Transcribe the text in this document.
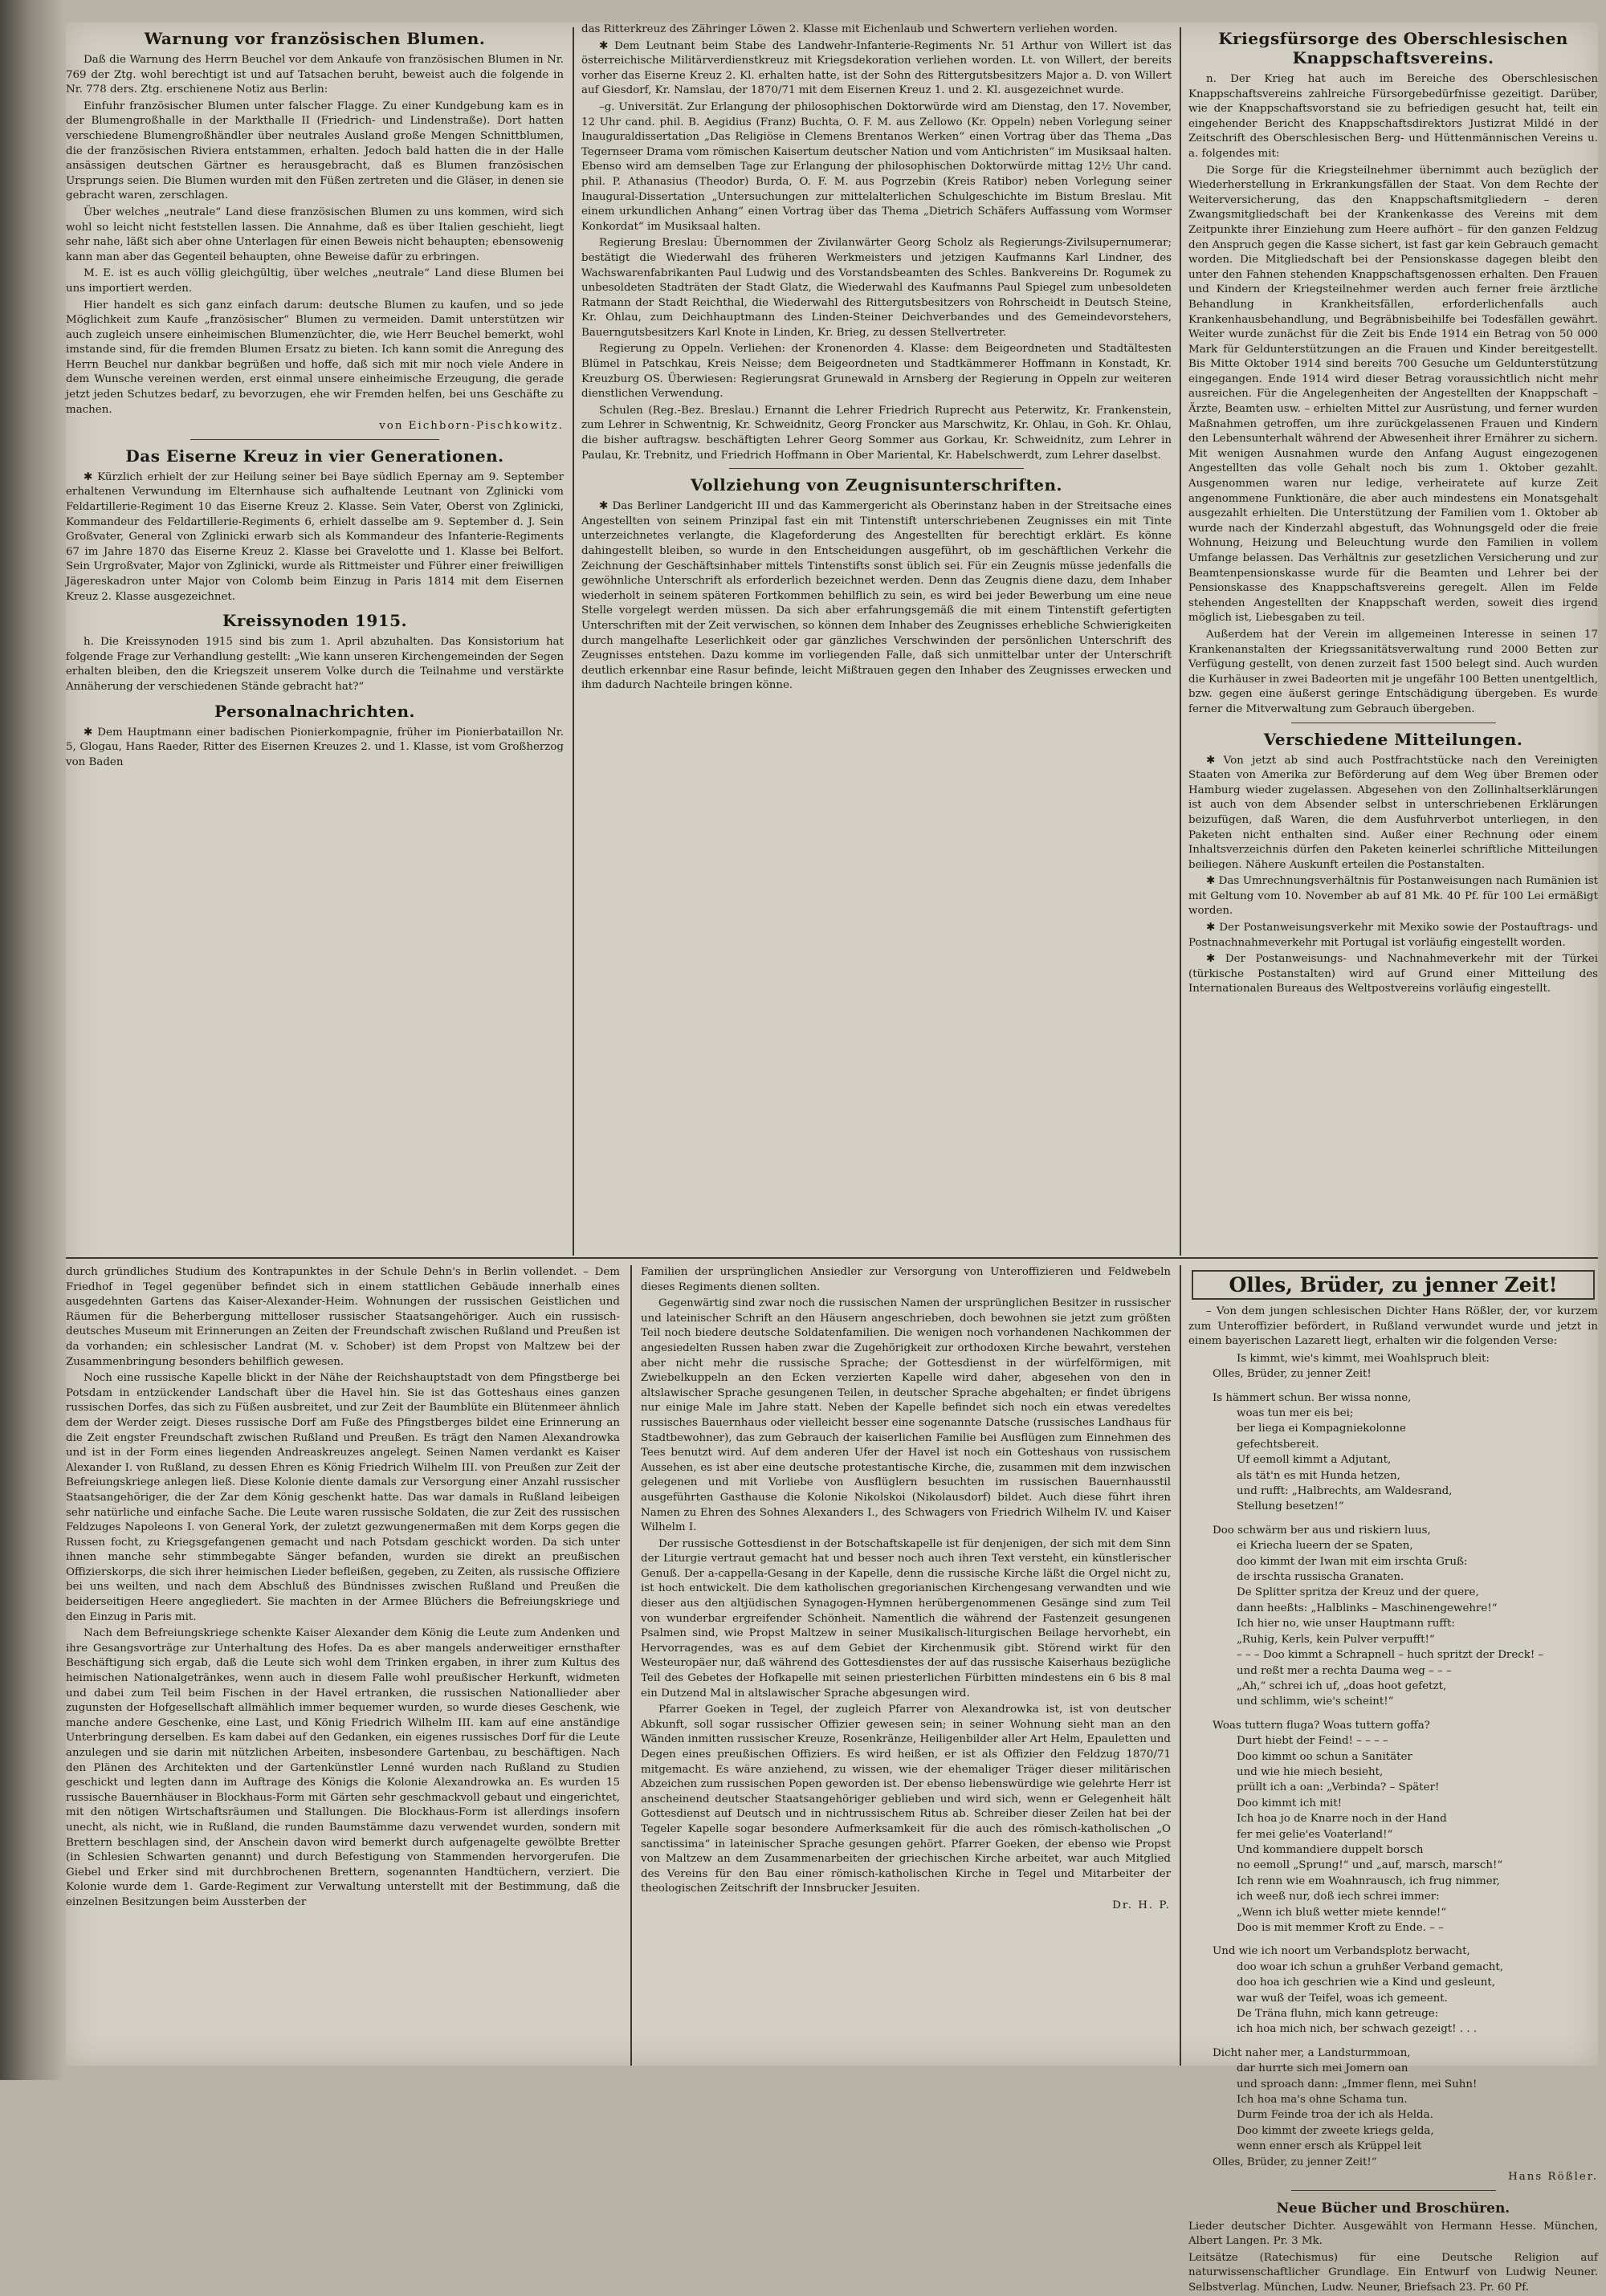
Warnung vor französischen Blumen.

Daß die Warnung des Herrn Beuchel vor dem Ankaufe von französischen Blumen in Nr. 769 der Ztg. wohl berechtigt ist und auf Tatsachen beruht, beweist auch die folgende in Nr. 778 ders. Ztg. erschienene Notiz aus Berlin:

Einfuhr französischer Blumen unter falscher Flagge. Zu einer Kundgebung kam es in der Blumengroßhalle in der Markthalle II (Friedrich- und Lindenstraße). Dort hatten verschiedene Blumengroßhändler über neutrales Ausland große Mengen Schnittblumen, die der französischen Riviera entstammen, erhalten. Jedoch bald hatten die in der Halle ansässigen deutschen Gärtner es herausgebracht, daß es Blumen französischen Ursprungs seien. Die Blumen wurden mit den Füßen zertreten und die Gläser, in denen sie gebracht waren, zerschlagen.

Über welches „neutrale“ Land diese französischen Blumen zu uns kommen, wird sich wohl so leicht nicht feststellen lassen. Die Annahme, daß es über Italien geschieht, liegt sehr nahe, läßt sich aber ohne Unterlagen für einen Beweis nicht behaupten; ebensowenig kann man aber das Gegenteil behaupten, ohne Beweise dafür zu erbringen.

M. E. ist es auch völlig gleichgültig, über welches „neutrale“ Land diese Blumen bei uns importiert werden.

Hier handelt es sich ganz einfach darum: deutsche Blumen zu kaufen, und so jede Möglichkeit zum Kaufe „französischer“ Blumen zu vermeiden. Damit unterstützen wir auch zugleich unsere einheimischen Blumenzüchter, die, wie Herr Beuchel bemerkt, wohl imstande sind, für die fremden Blumen Ersatz zu bieten. Ich kann somit die Anregung des Herrn Beuchel nur dankbar begrüßen und hoffe, daß sich mit mir noch viele Andere in dem Wunsche vereinen werden, erst einmal unsere einheimische Erzeugung, die gerade jetzt jeden Schutzes bedarf, zu bevorzugen, ehe wir Fremden helfen, bei uns Geschäfte zu machen.

von Eichborn-Pischkowitz.

Das Eiserne Kreuz in vier Generationen.

✱ Kürzlich erhielt der zur Heilung seiner bei Baye südlich Epernay am 9. September erhaltenen Verwundung im Elternhause sich aufhaltende Leutnant von Zglinicki vom Feldartillerie-Regiment 10 das Eiserne Kreuz 2. Klasse. Sein Vater, Oberst von Zglinicki, Kommandeur des Feldartillerie-Regiments 6, erhielt dasselbe am 9. September d. J. Sein Großvater, General von Zglinicki erwarb sich als Kommandeur des Infanterie-Regiments 67 im Jahre 1870 das Eiserne Kreuz 2. Klasse bei Gravelotte und 1. Klasse bei Belfort. Sein Urgroßvater, Major von Zglinicki, wurde als Rittmeister und Führer einer freiwilligen Jägereskadron unter Major von Colomb beim Einzug in Paris 1814 mit dem Eisernen Kreuz 2. Klasse ausgezeichnet.

Kreissynoden 1915.

h. Die Kreissynoden 1915 sind bis zum 1. April abzuhalten. Das Konsistorium hat folgende Frage zur Verhandlung gestellt: „Wie kann unseren Kirchengemeinden der Segen erhalten bleiben, den die Kriegszeit unserem Volke durch die Teilnahme und verstärkte Annäherung der verschiedenen Stände gebracht hat?“

Personalnachrichten.

✱ Dem Hauptmann einer badischen Pionierkompagnie, früher im Pionierbataillon Nr. 5, Glogau, Hans Raeder, Ritter des Eisernen Kreuzes 2. und 1. Klasse, ist vom Großherzog von Baden

das Ritterkreuz des Zähringer Löwen 2. Klasse mit Eichenlaub und Schwertern verliehen worden.

✱ Dem Leutnant beim Stabe des Landwehr-Infanterie-Regiments Nr. 51 Arthur von Willert ist das österreichische Militärverdienstkreuz mit Kriegsdekoration verliehen worden. Lt. von Willert, der bereits vorher das Eiserne Kreuz 2. Kl. erhalten hatte, ist der Sohn des Rittergutsbesitzers Major a. D. von Willert auf Giesdorf, Kr. Namslau, der 1870/71 mit dem Eisernen Kreuz 1. und 2. Kl. ausgezeichnet wurde.

–g. Universität. Zur Erlangung der philosophischen Doktorwürde wird am Dienstag, den 17. November, 12 Uhr cand. phil. B. Aegidius (Franz) Buchta, O. F. M. aus Zellowo (Kr. Oppeln) neben Vorlegung seiner Inauguraldissertation „Das Religiöse in Clemens Brentanos Werken“ einen Vortrag über das Thema „Das Tegernseer Drama vom römischen Kaisertum deutscher Nation und vom Antichristen“ im Musiksaal halten. Ebenso wird am demselben Tage zur Erlangung der philosophischen Doktorwürde mittag 12½ Uhr cand. phil. P. Athanasius (Theodor) Burda, O. F. M. aus Pogrzebin (Kreis Ratibor) neben Vorlegung seiner Inaugural-Dissertation „Untersuchungen zur mittelalterlichen Schulgeschichte im Bistum Breslau. Mit einem urkundlichen Anhang“ einen Vortrag über das Thema „Dietrich Schäfers Auffassung vom Wormser Konkordat“ im Musiksaal halten.

Regierung Breslau: Übernommen der Zivilanwärter Georg Scholz als Regierungs-Zivilsupernumerar; bestätigt die Wiederwahl des früheren Werkmeisters und jetzigen Kaufmanns Karl Lindner, des Wachswarenfabrikanten Paul Ludwig und des Vorstandsbeamten des Schles. Bankvereins Dr. Rogumek zu unbesoldeten Stadträten der Stadt Glatz, die Wiederwahl des Kaufmanns Paul Spiegel zum unbesoldeten Ratmann der Stadt Reichthal, die Wiederwahl des Rittergutsbesitzers von Rohrscheidt in Deutsch Steine, Kr. Ohlau, zum Deichhauptmann des Linden-Steiner Deichverbandes und des Gemeindevorstehers, Bauerngutsbesitzers Karl Knote in Linden, Kr. Brieg, zu dessen Stellvertreter.

Regierung zu Oppeln. Verliehen: der Kronenorden 4. Klasse: dem Beigeordneten und Stadtältesten Blümel in Patschkau, Kreis Neisse; dem Beigeordneten und Stadtkämmerer Hoffmann in Konstadt, Kr. Kreuzburg OS. Überwiesen: Regierungsrat Grunewald in Arnsberg der Regierung in Oppeln zur weiteren dienstlichen Verwendung.

Schulen (Reg.-Bez. Breslau.) Ernannt die Lehrer Friedrich Ruprecht aus Peterwitz, Kr. Frankenstein, zum Lehrer in Schwentnig, Kr. Schweidnitz, Georg Froncker aus Marschwitz, Kr. Ohlau, in Goh. Kr. Ohlau, die bisher auftragsw. beschäftigten Lehrer Georg Sommer aus Gorkau, Kr. Schweidnitz, zum Lehrer in Paulau, Kr. Trebnitz, und Friedrich Hoffmann in Ober Mariental, Kr. Habelschwerdt, zum Lehrer daselbst.

Vollziehung von Zeugnisunterschriften.

✱ Das Berliner Landgericht III und das Kammergericht als Oberinstanz haben in der Streitsache eines Angestellten von seinem Prinzipal fast ein mit Tintenstift unterschriebenen Zeugnisses ein mit Tinte unterzeichnetes verlangte, die Klageforderung des Angestellten für berechtigt erklärt. Es könne dahingestellt bleiben, so wurde in den Entscheidungen ausgeführt, ob im geschäftlichen Verkehr die Zeichnung der Geschäftsinhaber mittels Tintenstifts sonst üblich sei. Für ein Zeugnis müsse jedenfalls die gewöhnliche Unterschrift als erforderlich bezeichnet werden. Denn das Zeugnis diene dazu, dem Inhaber wiederholt in seinem späteren Fortkommen behilflich zu sein, es wird bei jeder Bewerbung um eine neue Stelle vorgelegt werden müssen. Da sich aber erfahrungsgemäß die mit einem Tintenstift gefertigten Unterschriften mit der Zeit verwischen, so können dem Inhaber des Zeugnisses erhebliche Schwierigkeiten durch mangelhafte Leserlichkeit oder gar gänzliches Verschwinden der persönlichen Unterschrift des Zeugnisses entstehen. Dazu komme im vorliegenden Falle, daß sich unmittelbar unter der Unterschrift deutlich erkennbar eine Rasur befinde, leicht Mißtrauen gegen den Inhaber des Zeugnisses erwecken und ihm dadurch Nachteile bringen könne.

Kriegsfürsorge des Oberschlesischen Knappschaftsvereins.

n. Der Krieg hat auch im Bereiche des Oberschlesischen Knappschaftsvereins zahlreiche Fürsorgebedürfnisse gezeitigt. Darüber, wie der Knappschaftsvorstand sie zu befriedigen gesucht hat, teilt ein eingehender Bericht des Knappschaftsdirektors Justizrat Mildé in der Zeitschrift des Oberschlesischen Berg- und Hüttenmännischen Vereins u. a. folgendes mit:

Die Sorge für die Kriegsteilnehmer übernimmt auch bezüglich der Wiederherstellung in Erkrankungsfällen der Staat. Von dem Rechte der Weiterversicherung, das den Knappschaftsmitgliedern – deren Zwangsmitgliedschaft bei der Krankenkasse des Vereins mit dem Zeitpunkte ihrer Einziehung zum Heere aufhört – für den ganzen Feldzug den Anspruch gegen die Kasse sichert, ist fast gar kein Gebrauch gemacht worden. Die Mitgliedschaft bei der Pensionskasse dagegen bleibt den unter den Fahnen stehenden Knappschaftsgenossen erhalten. Den Frauen und Kindern der Kriegsteilnehmer werden auch ferner freie ärztliche Behandlung in Krankheitsfällen, erforderlichenfalls auch Krankenhausbehandlung, und Begräbnisbeihilfe bei Todesfällen gewährt. Weiter wurde zunächst für die Zeit bis Ende 1914 ein Betrag von 50 000 Mark für Geldunterstützungen an die Frauen und Kinder bereitgestellt. Bis Mitte Oktober 1914 sind bereits 700 Gesuche um Geldunterstützung eingegangen. Ende 1914 wird dieser Betrag voraussichtlich nicht mehr ausreichen. Für die Angelegenheiten der Angestellten der Knappschaft – Ärzte, Beamten usw. – erhielten Mittel zur Ausrüstung, und ferner wurden Maßnahmen getroffen, um ihre zurückgelassenen Frauen und Kindern den Lebensunterhalt während der Abwesenheit ihrer Ernährer zu sichern. Mit wenigen Ausnahmen wurde den Anfang August eingezogenen Angestellten das volle Gehalt noch bis zum 1. Oktober gezahlt. Ausgenommen waren nur ledige, verheiratete auf kurze Zeit angenommene Funktionäre, die aber auch mindestens ein Monatsgehalt ausgezahlt erhielten. Die Unterstützung der Familien vom 1. Oktober ab wurde nach der Kinderzahl abgestuft, das Wohnungsgeld oder die freie Wohnung, Heizung und Beleuchtung wurde den Familien in vollem Umfange belassen. Das Verhältnis zur gesetzlichen Versicherung und zur Beamtenpensionskasse wurde für die Beamten und Lehrer bei der Pensionskasse des Knappschaftsvereins geregelt. Allen im Felde stehenden Angestellten der Knappschaft werden, soweit dies irgend möglich ist, Liebesgaben zu teil.

Außerdem hat der Verein im allgemeinen Interesse in seinen 17 Krankenanstalten der Kriegssanitätsverwaltung rund 2000 Betten zur Verfügung gestellt, von denen zurzeit fast 1500 belegt sind. Auch wurden die Kurhäuser in zwei Badeorten mit je ungefähr 100 Betten unentgeltlich, bzw. gegen eine äußerst geringe Entschädigung übergeben. Es wurde ferner die Mitverwaltung zum Gebrauch übergeben.

Verschiedene Mitteilungen.

✱ Von jetzt ab sind auch Postfrachtstücke nach den Vereinigten Staaten von Amerika zur Beförderung auf dem Weg über Bremen oder Hamburg wieder zugelassen. Abgesehen von den Zollinhaltserklärungen ist auch von dem Absender selbst in unterschriebenen Erklärungen beizufügen, daß Waren, die dem Ausfuhrverbot unterliegen, in den Paketen nicht enthalten sind. Außer einer Rechnung oder einem Inhaltsverzeichnis dürfen den Paketen keinerlei schriftliche Mitteilungen beiliegen. Nähere Auskunft erteilen die Postanstalten.

✱ Das Umrechnungsverhältnis für Postanweisungen nach Rumänien ist mit Geltung vom 10. November ab auf 81 Mk. 40 Pf. für 100 Lei ermäßigt worden.

✱ Der Postanweisungsverkehr mit Mexiko sowie der Postauftrags- und Postnachnahmeverkehr mit Portugal ist vorläufig eingestellt worden.

✱ Der Postanweisungs- und Nachnahmeverkehr mit der Türkei (türkische Postanstalten) wird auf Grund einer Mitteilung des Internationalen Bureaus des Weltpostvereins vorläufig eingestellt.

durch gründliches Studium des Kontrapunktes in der Schule Dehn's in Berlin vollendet. – Dem Friedhof in Tegel gegenüber befindet sich in einem stattlichen Gebäude innerhalb eines ausgedehnten Gartens das Kaiser-Alexander-Heim. Wohnungen der russischen Geistlichen und Räumen für die Beherbergung mittelloser russischer Staatsangehöriger. Auch ein russisch-deutsches Museum mit Erinnerungen an Zeiten der Freundschaft zwischen Rußland und Preußen ist da vorhanden; ein schlesischer Landrat (M. v. Schober) ist dem Propst von Maltzew bei der Zusammenbringung besonders behilflich gewesen.

Noch eine russische Kapelle blickt in der Nähe der Reichshauptstadt von dem Pfingstberge bei Potsdam in entzückender Landschaft über die Havel hin. Sie ist das Gotteshaus eines ganzen russischen Dorfes, das sich zu Füßen ausbreitet, und zur Zeit der Baumblüte ein Blütenmeer ähnlich dem der Werder zeigt. Dieses russische Dorf am Fuße des Pfingstberges bildet eine Erinnerung an die Zeit engster Freundschaft zwischen Rußland und Preußen. Es trägt den Namen Alexandrowka und ist in der Form eines liegenden Andreaskreuzes angelegt. Seinen Namen verdankt es Kaiser Alexander I. von Rußland, zu dessen Ehren es König Friedrich Wilhelm III. von Preußen zur Zeit der Befreiungskriege anlegen ließ. Diese Kolonie diente damals zur Versorgung einer Anzahl russischer Staatsangehöriger, die der Zar dem König geschenkt hatte. Das war damals in Rußland leibeigen sehr natürliche und einfache Sache. Die Leute waren russische Soldaten, die zur Zeit des russischen Feldzuges Napoleons I. von General York, der zuletzt gezwungenermaßen mit dem Korps gegen die Russen focht, zu Kriegsgefangenen gemacht und nach Potsdam geschickt worden. Da sich unter ihnen manche sehr stimmbegabte Sänger befanden, wurden sie direkt an preußischen Offizierskorps, die sich ihrer heimischen Lieder befleißen, gegeben, zu Zeiten, als russische Offiziere bei uns weilten, und nach dem Abschluß des Bündnisses zwischen Rußland und Preußen die beiderseitigen Heere angegliedert. Sie machten in der Armee Blüchers die Befreiungskriege und den Einzug in Paris mit.

Nach dem Befreiungskriege schenkte Kaiser Alexander dem König die Leute zum Andenken und ihre Gesangsvorträge zur Unterhaltung des Hofes. Da es aber mangels anderweitiger ernsthafter Beschäftigung sich ergab, daß die Leute sich wohl dem Trinken ergaben, in ihrer zum Kultus des heimischen Nationalgetränkes, wenn auch in diesem Falle wohl preußischer Herkunft, widmeten und dabei zum Teil beim Fischen in der Havel ertranken, die russischen Nationallieder aber zugunsten der Hofgesellschaft allmählich immer bequemer wurden, so wurde dieses Geschenk, wie manche andere Geschenke, eine Last, und König Friedrich Wilhelm III. kam auf eine anständige Unterbringung derselben. Es kam dabei auf den Gedanken, ein eigenes russisches Dorf für die Leute anzulegen und sie darin mit nützlichen Arbeiten, insbesondere Gartenbau, zu beschäftigen. Nach den Plänen des Architekten und der Gartenkünstler Lenné wurden nach Rußland zu Studien geschickt und legten dann im Auftrage des Königs die Kolonie Alexandrowka an. Es wurden 15 russische Bauernhäuser in Blockhaus-Form mit Gärten sehr geschmackvoll gebaut und eingerichtet, mit den nötigen Wirtschaftsräumen und Stallungen. Die Blockhaus-Form ist allerdings insofern unecht, als nicht, wie in Rußland, die runden Baumstämme dazu verwendet wurden, sondern mit Brettern beschlagen sind, der Anschein davon wird bemerkt durch aufgenagelte gewölbte Bretter (in Schlesien Schwarten genannt) und durch Befestigung von Stammenden hervorgerufen. Die Giebel und Erker sind mit durchbrochenen Brettern, sogenannten Handtüchern, verziert. Die Kolonie wurde dem 1. Garde-Regiment zur Verwaltung unterstellt mit der Bestimmung, daß die einzelnen Besitzungen beim Aussterben der

Familien der ursprünglichen Ansiedler zur Versorgung von Unteroffizieren und Feldwebeln dieses Regiments dienen sollten.

Gegenwärtig sind zwar noch die russischen Namen der ursprünglichen Besitzer in russischer und lateinischer Schrift an den Häusern angeschrieben, doch bewohnen sie jetzt zum größten Teil noch biedere deutsche Soldatenfamilien. Die wenigen noch vorhandenen Nachkommen der angesiedelten Russen haben zwar die Zugehörigkeit zur orthodoxen Kirche bewahrt, verstehen aber nicht mehr die russische Sprache; der Gottesdienst in der würfelförmigen, mit Zwiebelkuppeln an den Ecken verzierten Kapelle wird daher, abgesehen von den in altslawischer Sprache gesungenen Teilen, in deutscher Sprache abgehalten; er findet übrigens nur einige Male im Jahre statt. Neben der Kapelle befindet sich noch ein etwas veredeltes russisches Bauernhaus oder vielleicht besser eine sogenannte Datsche (russisches Landhaus für Stadtbewohner), das zum Gebrauch der kaiserlichen Familie bei Ausflügen zum Einnehmen des Tees benutzt wird. Auf dem anderen Ufer der Havel ist noch ein Gotteshaus von russischem Aussehen, es ist aber eine deutsche protestantische Kirche, die, zusammen mit dem inzwischen gelegenen und mit Vorliebe von Ausflüglern besuchten im russischen Bauernhausstil ausgeführten Gasthause die Kolonie Nikolskoi (Nikolausdorf) bildet. Auch diese führt ihren Namen zu Ehren des Sohnes Alexanders I., des Schwagers von Friedrich Wilhelm IV. und Kaiser Wilhelm I.

Der russische Gottesdienst in der Botschaftskapelle ist für denjenigen, der sich mit dem Sinn der Liturgie vertraut gemacht hat und besser noch auch ihren Text versteht, ein künstlerischer Genuß. Der a-cappella-Gesang in der Kapelle, denn die russische Kirche läßt die Orgel nicht zu, ist hoch entwickelt. Die dem katholischen gregorianischen Kirchengesang verwandten und wie dieser aus den altjüdischen Synagogen-Hymnen herübergenommenen Gesänge sind zum Teil von wunderbar ergreifender Schönheit. Namentlich die während der Fastenzeit gesungenen Psalmen sind, wie Propst Maltzew in seiner Musikalisch-liturgischen Beilage hervorhebt, ein Hervorragendes, was es auf dem Gebiet der Kirchenmusik gibt. Störend wirkt für den Westeuropäer nur, daß während des Gottesdienstes der auf das russische Kaiserhaus bezügliche Teil des Gebetes der Hofkapelle mit seinen priesterlichen Fürbitten mindestens ein 6 bis 8 mal ein Dutzend Mal in altslawischer Sprache abgesungen wird.

Pfarrer Goeken in Tegel, der zugleich Pfarrer von Alexandrowka ist, ist von deutscher Abkunft, soll sogar russischer Offizier gewesen sein; in seiner Wohnung sieht man an den Wänden inmitten russischer Kreuze, Rosenkränze, Heiligenbilder aller Art Helm, Epauletten und Degen eines preußischen Offiziers. Es wird heißen, er ist als Offizier den Feldzug 1870/71 mitgemacht. Es wäre anziehend, zu wissen, wie der ehemaliger Träger dieser militärischen Abzeichen zum russischen Popen geworden ist. Der ebenso liebenswürdige wie gelehrte Herr ist anscheinend deutscher Staatsangehöriger geblieben und wird sich, wenn er Gelegenheit hält Gottesdienst auf Deutsch und in nichtrussischem Ritus ab. Schreiber dieser Zeilen hat bei der Tegeler Kapelle sogar besondere Aufmerksamkeit für die auch des römisch-katholischen „O sanctissima“ in lateinischer Sprache gesungen gehört. Pfarrer Goeken, der ebenso wie Propst von Maltzew an dem Zusammenarbeiten der griechischen Kirche arbeitet, war auch Mitglied des Vereins für den Bau einer römisch-katholischen Kirche in Tegel und Mitarbeiter der theologischen Zeitschrift der Innsbrucker Jesuiten.

Dr. H. P.

Olles, Brüder, zu jenner Zeit!

– Von dem jungen schlesischen Dichter Hans Rößler, der, vor kurzem zum Unteroffizier befördert, in Rußland verwundet wurde und jetzt in einem bayerischen Lazarett liegt, erhalten wir die folgenden Verse:

Is kimmt, wie's kimmt, mei Woahlspruch bleit:

Olles, Brüder, zu jenner Zeit!

Is hämmert schun. Ber wissa nonne,

woas tun mer eis bei;

ber liega ei Kompagniekolonne

gefechtsbereit.

Uf eemoll kimmt a Adjutant,

als tät'n es mit Hunda hetzen,

und rufft: „Halbrechts, am Waldesrand,

Stellung besetzen!“

Doo schwärm ber aus und riskiern luus,

ei Kriecha lueern der se Spaten,

doo kimmt der Iwan mit eim irschta Gruß:

de irschta russischa Granaten.

De Splitter spritza der Kreuz und der quere,

dann heeßts: „Halblinks – Maschinengewehre!“

Ich hier no, wie unser Hauptmann rufft:

„Ruhig, Kerls, kein Pulver verpufft!“

– – – Doo kimmt a Schrapnell – huch spritzt der Dreck! –

und reßt mer a rechta Dauma weg – – –

„Ah,“ schrei ich uf, „doas hoot gefetzt,

und schlimm, wie's scheint!“

Woas tuttern fluga? Woas tuttern goffa?

Durt hiebt der Feind! – – – –

Doo kimmt oo schun a Sanitäter

und wie hie miech besieht,

prüllt ich a oan: „Verbinda? – Später!

Doo kimmt ich mit!

Ich hoa jo de Knarre noch in der Hand

fer mei gelie'es Voaterland!“

Und kommandiere duppelt borsch

no eemoll „Sprung!“ und „auf, marsch, marsch!“

Ich renn wie em Woahnrausch, ich frug nimmer,

ich weeß nur, doß iech schrei immer:

„Wenn ich bluß wetter miete kennde!“

Doo is mit memmer Kroft zu Ende. – –

Und wie ich noort um Verbandsplotz berwacht,

doo woar ich schun a gruhßer Verband gemacht,

doo hoa ich geschrien wie a Kind und gesleunt,

war wuß der Teifel, woas ich gemeent.

De Träna fluhn, mich kann getreuge:

ich hoa mich nich, ber schwach gezeigt! . . .

Dicht naher mer, a Landsturmmoan,

dar hurrte sich mei Jomern oan

und sproach dann: „Immer flenn, mei Suhn!

Ich hoa ma's ohne Schama tun.

Durm Feinde troa der ich als Helda.

Doo kimmt der zweete kriegs gelda,

wenn enner ersch als Krüppel leit

Olles, Brüder, zu jenner Zeit!“

Hans Rößler.

Neue Bücher und Broschüren.

Lieder deutscher Dichter. Ausgewählt von Hermann Hesse. München, Albert Langen. Pr. 3 Mk.

Leitsätze (Ratechismus) für eine Deutsche Religion auf naturwissenschaftlicher Grundlage. Ein Entwurf von Ludwig Neuner. Selbstverlag. München, Ludw. Neuner, Briefsach 23. Pr. 60 Pf.
